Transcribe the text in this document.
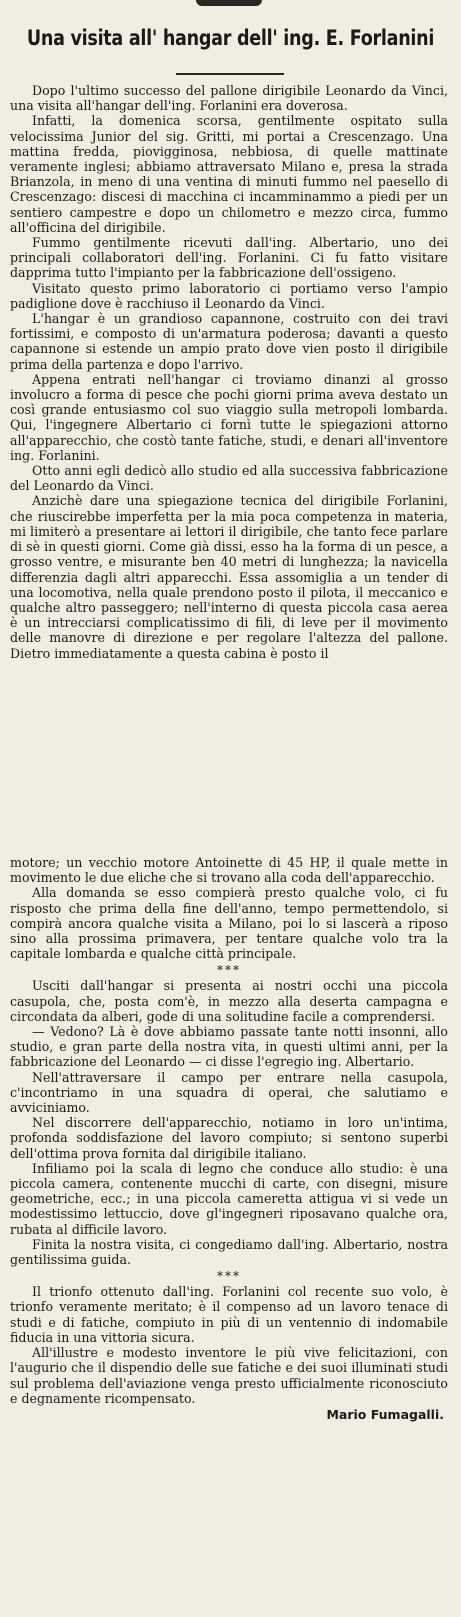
Una visita all' hangar dell' ing. E. Forlanini

Dopo l'ultimo successo del pallone dirigibile Leonardo da Vinci, una visita all'hangar dell'ing. Forlanini era doverosa.

Infatti, la domenica scorsa, gentilmente ospitato sulla velocissima Junior del sig. Gritti, mi portai a Crescenzago. Una mattina fredda, piovigginosa, nebbiosa, di quelle mattinate veramente inglesi; abbiamo attraversato Milano e, presa la strada Brianzola, in meno di una ventina di minuti fummo nel paesello di Crescenzago: discesi di macchina ci incamminammo a piedi per un sentiero campestre e dopo un chilometro e mezzo circa, fummo all'officina del dirigibile.

Fummo gentilmente ricevuti dall'ing. Albertario, uno dei principali collaboratori dell'ing. Forlanini. Ci fu fatto visitare dapprima tutto l'impianto per la fabbricazione dell'ossigeno.

Visitato questo primo laboratorio ci portiamo verso l'ampio padiglione dove è racchiuso il Leonardo da Vinci.

L'hangar è un grandioso capannone, costruito con dei travi fortissimi, e composto di un'armatura poderosa; davanti a questo capannone si estende un ampio prato dove vien posto il dirigibile prima della partenza e dopo l'arrivo.

Appena entrati nell'hangar ci troviamo dinanzi al grosso involucro a forma di pesce che pochi giorni prima aveva destato un così grande entusiasmo col suo viaggio sulla metropoli lombarda. Qui, l'ingegnere Albertario ci fornì tutte le spiegazioni attorno all'apparecchio, che costò tante fatiche, studi, e denari all'inventore ing. Forlanini.

Otto anni egli dedicò allo studio ed alla successiva fabbricazione del Leonardo da Vinci.

Anzichè dare una spiegazione tecnica del dirigibile Forlanini, che riuscirebbe imperfetta per la mia poca competenza in materia, mi limiterò a presentare ai lettori il dirigibile, che tanto fece parlare di sè in questi giorni. Come già dissi, esso ha la forma di un pesce, a grosso ventre, e misurante ben 40 metri di lunghezza; la navicella differenzia dagli altri apparecchi. Essa assomiglia a un tender di una locomotiva, nella quale prendono posto il pilota, il meccanico e qualche altro passeggero; nell'interno di questa piccola casa aerea è un intrecciarsi complicatissimo di fili, di leve per il movimento delle manovre di direzione e per regolare l'altezza del pallone. Dietro immediatamente a questa cabina è posto il

motore; un vecchio motore Antoinette di 45 HP, il quale mette in movimento le due eliche che si trovano alla coda dell'apparecchio.

Alla domanda se esso compierà presto qualche volo, ci fu risposto che prima della fine dell'anno, tempo permettendolo, si compirà ancora qualche visita a Milano, poi lo si lascerà a riposo sino alla prossima primavera, per tentare qualche volo tra la capitale lombarda e qualche città principale.

***

Usciti dall'hangar si presenta ai nostri occhi una piccola casupola, che, posta com'è, in mezzo alla deserta campagna e circondata da alberi, gode di una solitudine facile a comprendersi.

— Vedono? Là è dove abbiamo passate tante notti insonni, allo studio, e gran parte della nostra vita, in questi ultimi anni, per la fabbricazione del Leonardo — ci disse l'egregio ing. Albertario.

Nell'attraversare il campo per entrare nella casupola, c'incontriamo in una squadra di operai, che salutiamo e avviciniamo.

Nel discorrere dell'apparecchio, notiamo in loro un'intima, profonda soddisfazione del lavoro compiuto; si sentono superbi dell'ottima prova fornita dal dirigibile italiano.

Infiliamo poi la scala di legno che conduce allo studio: è una piccola camera, contenente mucchi di carte, con disegni, misure geometriche, ecc.; in una piccola cameretta attigua vi si vede un modestissimo lettuccio, dove gl'ingegneri riposavano qualche ora, rubata al difficile lavoro.

Finita la nostra visita, ci congediamo dall'ing. Albertario, nostra gentilissima guida.

***

Il trionfo ottenuto dall'ing. Forlanini col recente suo volo, è trionfo veramente meritato; è il compenso ad un lavoro tenace di studi e di fatiche, compiuto in più di un ventennio di indomabile fiducia in una vittoria sicura.

All'illustre e modesto inventore le più vive felicitazioni, con l'augurio che il dispendio delle sue fatiche e dei suoi illuminati studi sul problema dell'aviazione venga presto ufficialmente riconosciuto e degnamente ricompensato.

Mario Fumagalli.
